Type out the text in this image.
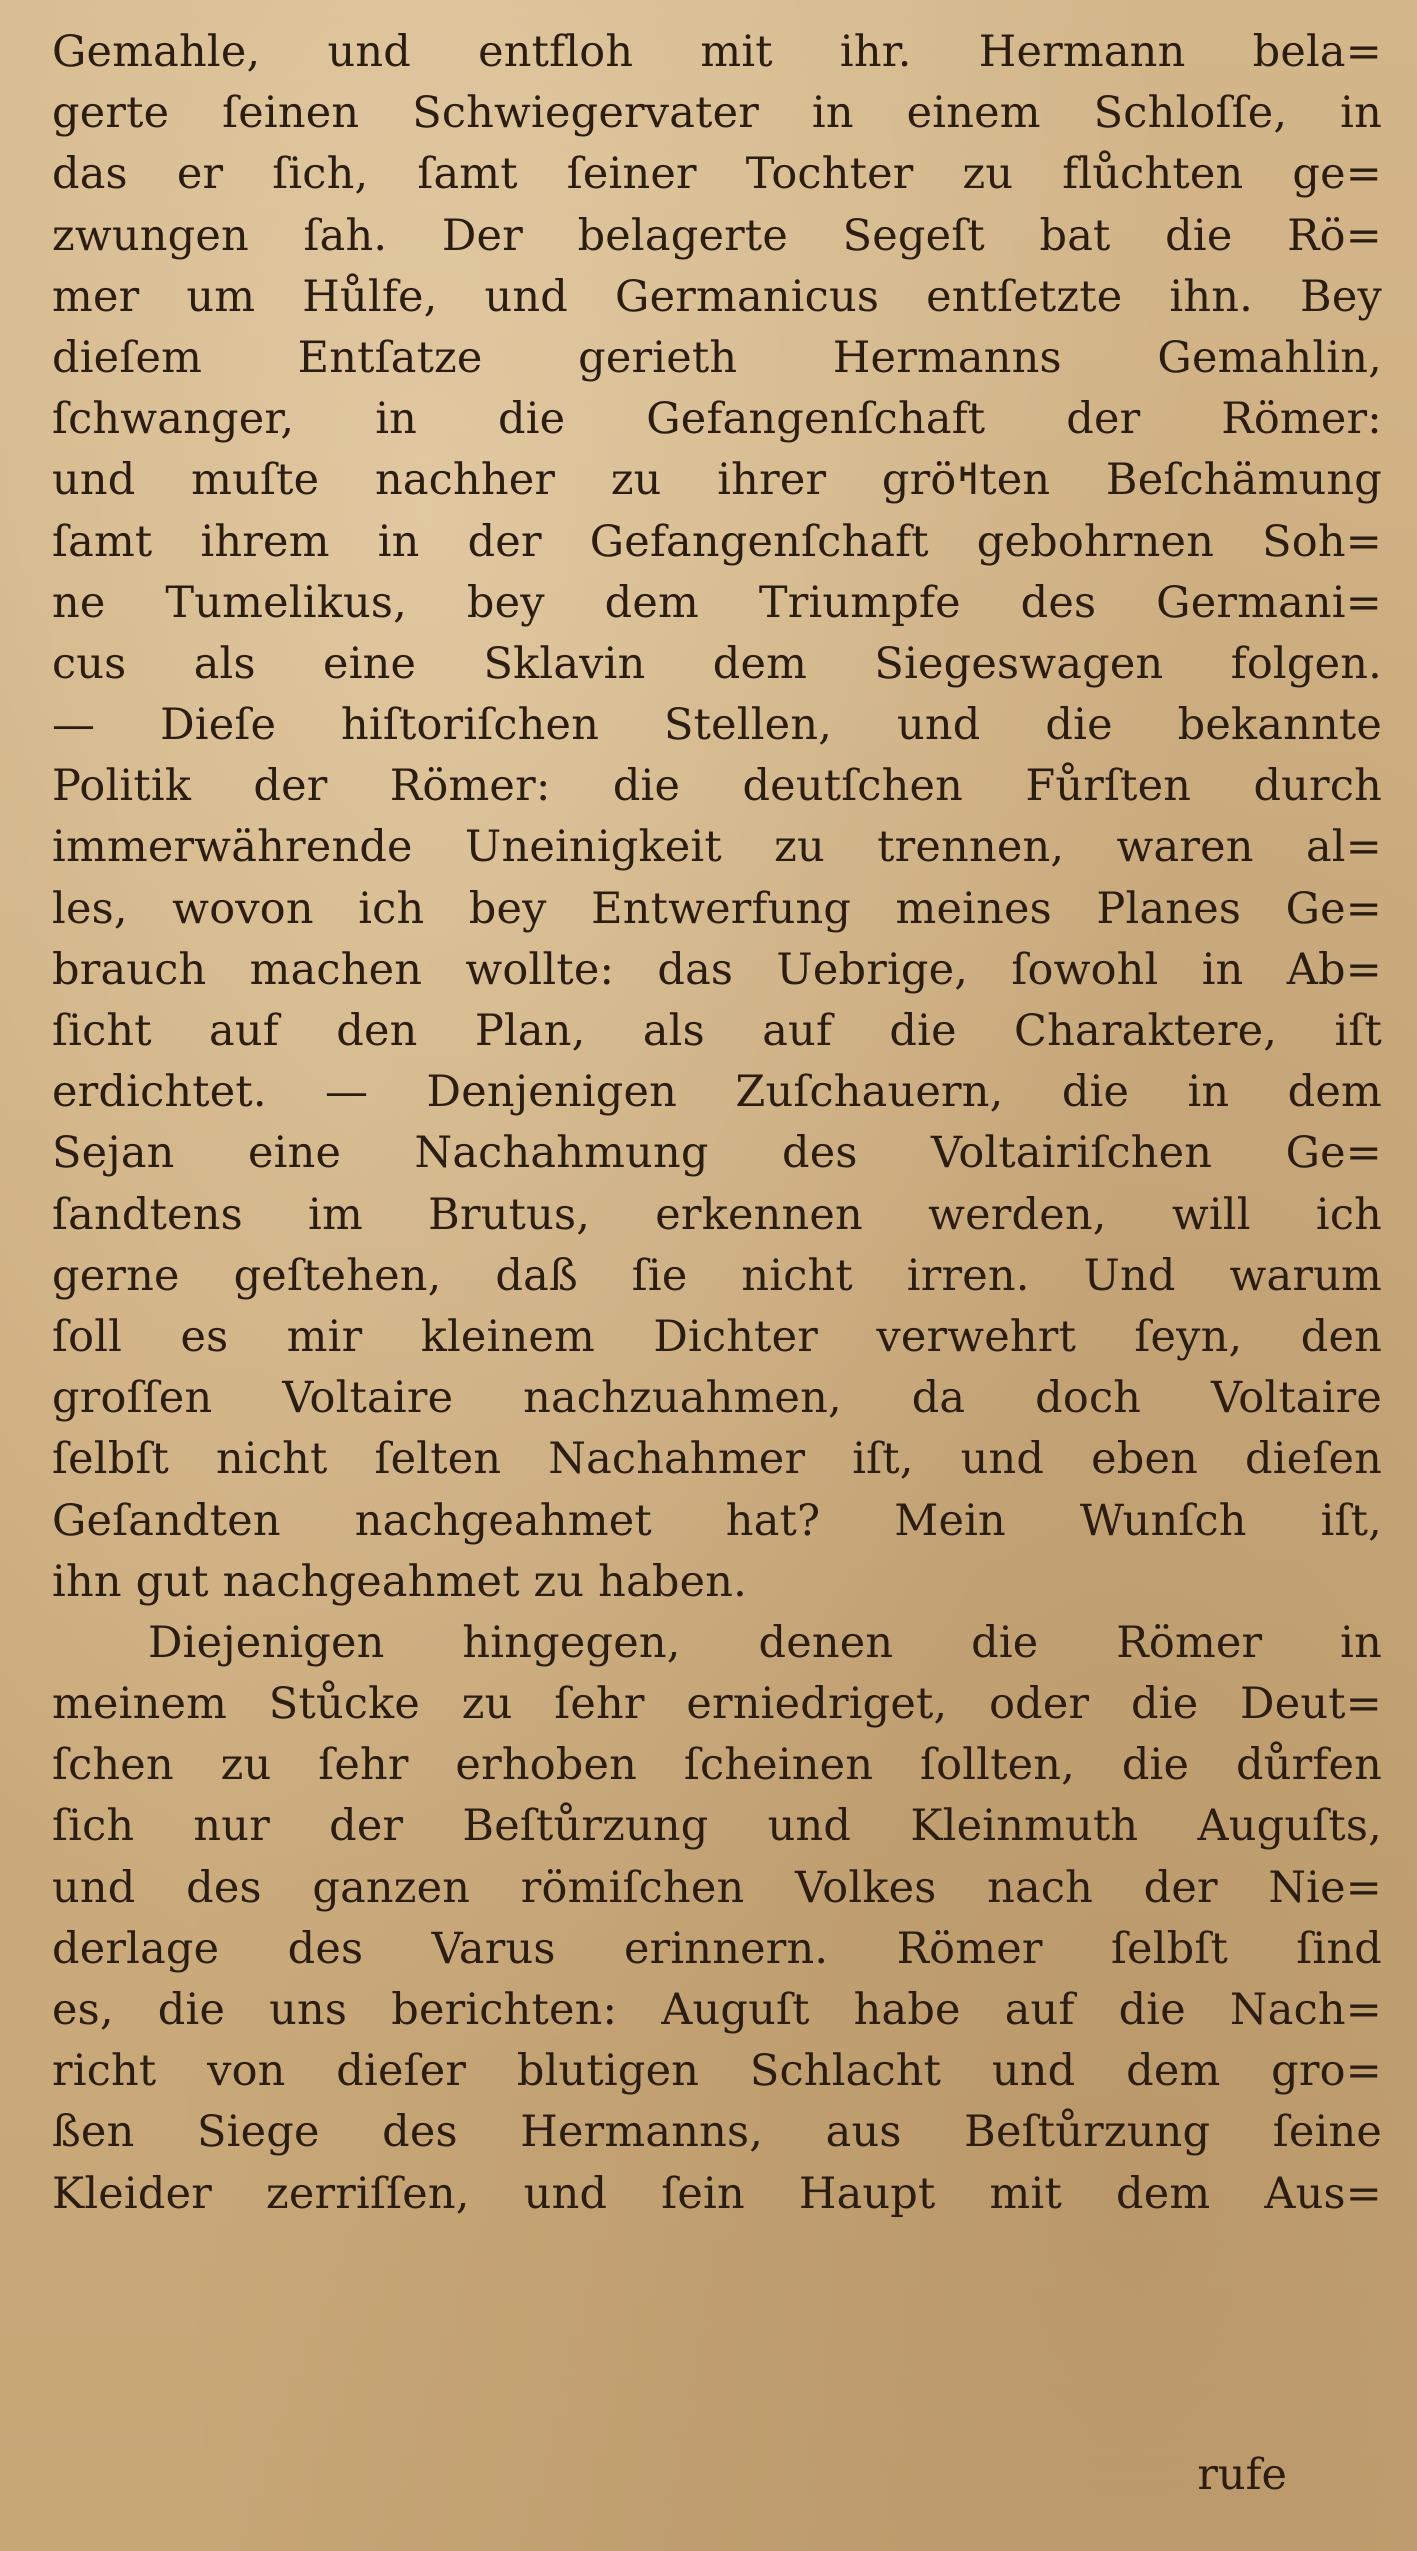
Gemahle, und entfloh mit ihr. Hermann bela=
gerte ſeinen Schwiegervater in einem Schloſſe, in
das er ſich, ſamt ſeiner Tochter zu flůchten ge=
zwungen ſah. Der belagerte Segeſt bat die Rö=
mer um Hůlfe, und Germanicus entſetzte ihn. Bey
dieſem Entſatze gerieth Hermanns Gemahlin,
ſchwanger, in die Gefangenſchaft der Römer:
und muſte nachher zu ihrer gröߞten Beſchämung
ſamt ihrem in der Gefangenſchaft gebohrnen Soh=
ne Tumelikus, bey dem Triumpfe des Germani=
cus als eine Sklavin dem Siegeswagen folgen.
— Dieſe hiſtoriſchen Stellen, und die bekannte
Politik der Römer: die deutſchen Fůrſten durch
immerwährende Uneinigkeit zu trennen, waren al=
les, wovon ich bey Entwerfung meines Planes Ge=
brauch machen wollte: das Uebrige, ſowohl in Ab=
ſicht auf den Plan, als auf die Charaktere, iſt
erdichtet. — Denjenigen Zuſchauern, die in dem
Sejan eine Nachahmung des Voltairiſchen Ge=
ſandtens im Brutus, erkennen werden, will ich
gerne geſtehen, daß ſie nicht irren. Und warum
ſoll es mir kleinem Dichter verwehrt ſeyn, den
groſſen Voltaire nachzuahmen, da doch Voltaire
ſelbſt nicht ſelten Nachahmer iſt, und eben dieſen
Geſandten nachgeahmet hat? Mein Wunſch iſt,
ihn gut nachgeahmet zu haben.
Diejenigen hingegen, denen die Römer in
meinem Stůcke zu ſehr erniedriget, oder die Deut=
ſchen zu ſehr erhoben ſcheinen ſollten, die důrfen
ſich nur der Beſtůrzung und Kleinmuth Auguſts,
und des ganzen römiſchen Volkes nach der Nie=
derlage des Varus erinnern. Römer ſelbſt ſind
es, die uns berichten: Auguſt habe auf die Nach=
richt von dieſer blutigen Schlacht und dem gro=
ßen Siege des Hermanns, aus Beſtůrzung ſeine
Kleider zerriſſen, und ſein Haupt mit dem Aus=
rufe
